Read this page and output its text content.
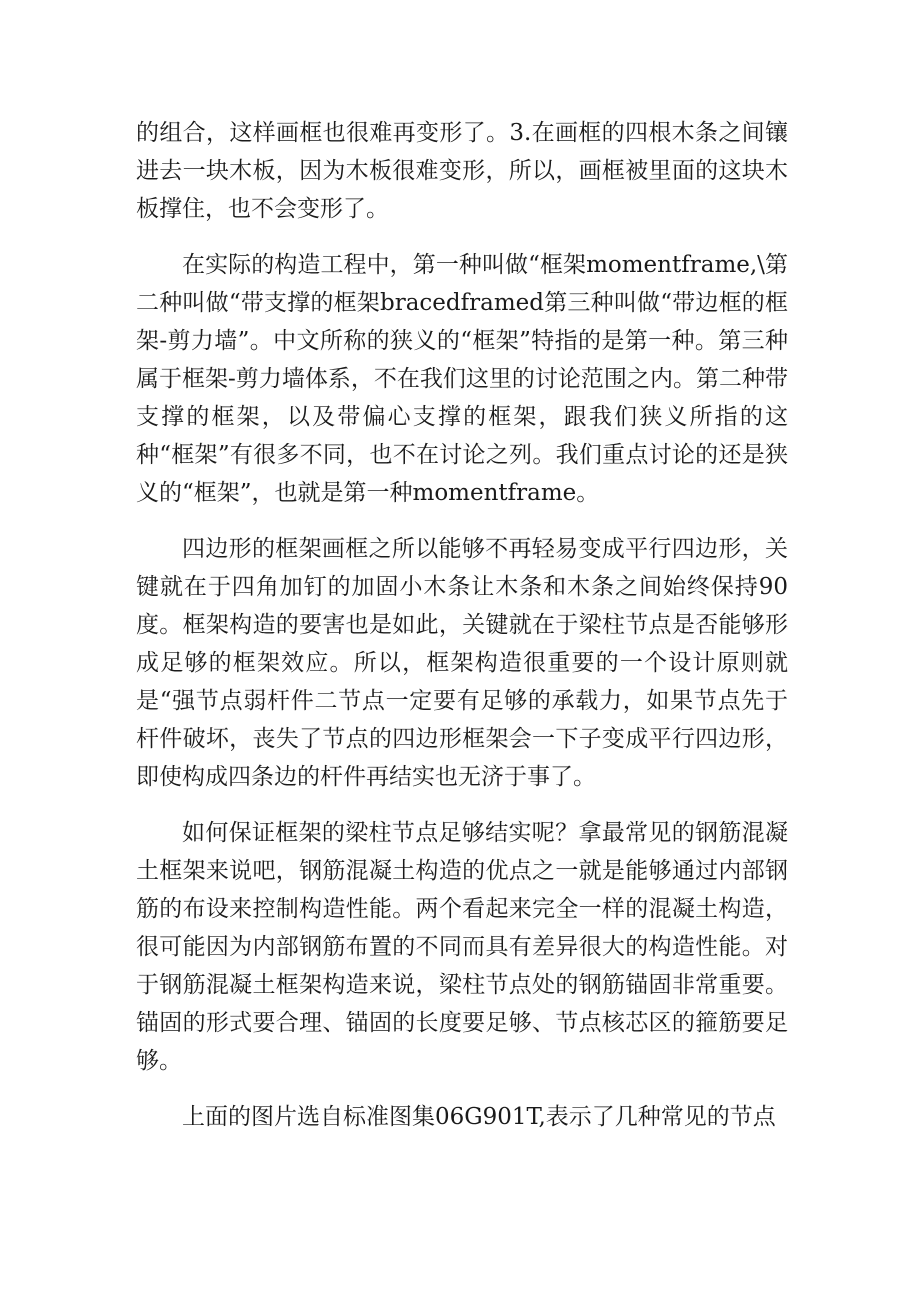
的组合，这样画框也很难再变形了。3.在画框的四根木条之间镶进去一块木板，因为木板很难变形，所以，画框被里面的这块木板撑住，也不会变形了。

在实际的构造工程中，第一种叫做“框架momentframe,\第二种叫做“带支撑的框架bracedframed第三种叫做“带边框的框架-剪力墙”。中文所称的狭义的“框架”特指的是第一种。第三种属于框架-剪力墙体系，不在我们这里的讨论范围之内。第二种带支撑的框架，以及带偏心支撑的框架，跟我们狭义所指的这种“框架”有很多不同，也不在讨论之列。我们重点讨论的还是狭义的“框架”，也就是第一种momentframe。

四边形的框架画框之所以能够不再轻易变成平行四边形，关键就在于四角加钉的加固小木条让木条和木条之间始终保持90度。框架构造的要害也是如此，关键就在于梁柱节点是否能够形成足够的框架效应。所以，框架构造很重要的一个设计原则就是“强节点弱杆件二节点一定要有足够的承载力，如果节点先于杆件破坏，丧失了节点的四边形框架会一下子变成平行四边形，即使构成四条边的杆件再结实也无济于事了。

如何保证框架的梁柱节点足够结实呢？拿最常见的钢筋混凝土框架来说吧，钢筋混凝土构造的优点之一就是能够通过内部钢筋的布设来控制构造性能。两个看起来完全一样的混凝土构造，很可能因为内部钢筋布置的不同而具有差异很大的构造性能。对于钢筋混凝土框架构造来说，梁柱节点处的钢筋锚固非常重要。锚固的形式要合理、锚固的长度要足够、节点核芯区的箍筋要足够。

上面的图片选自标准图集06G901T,表示了几种常见的节点
